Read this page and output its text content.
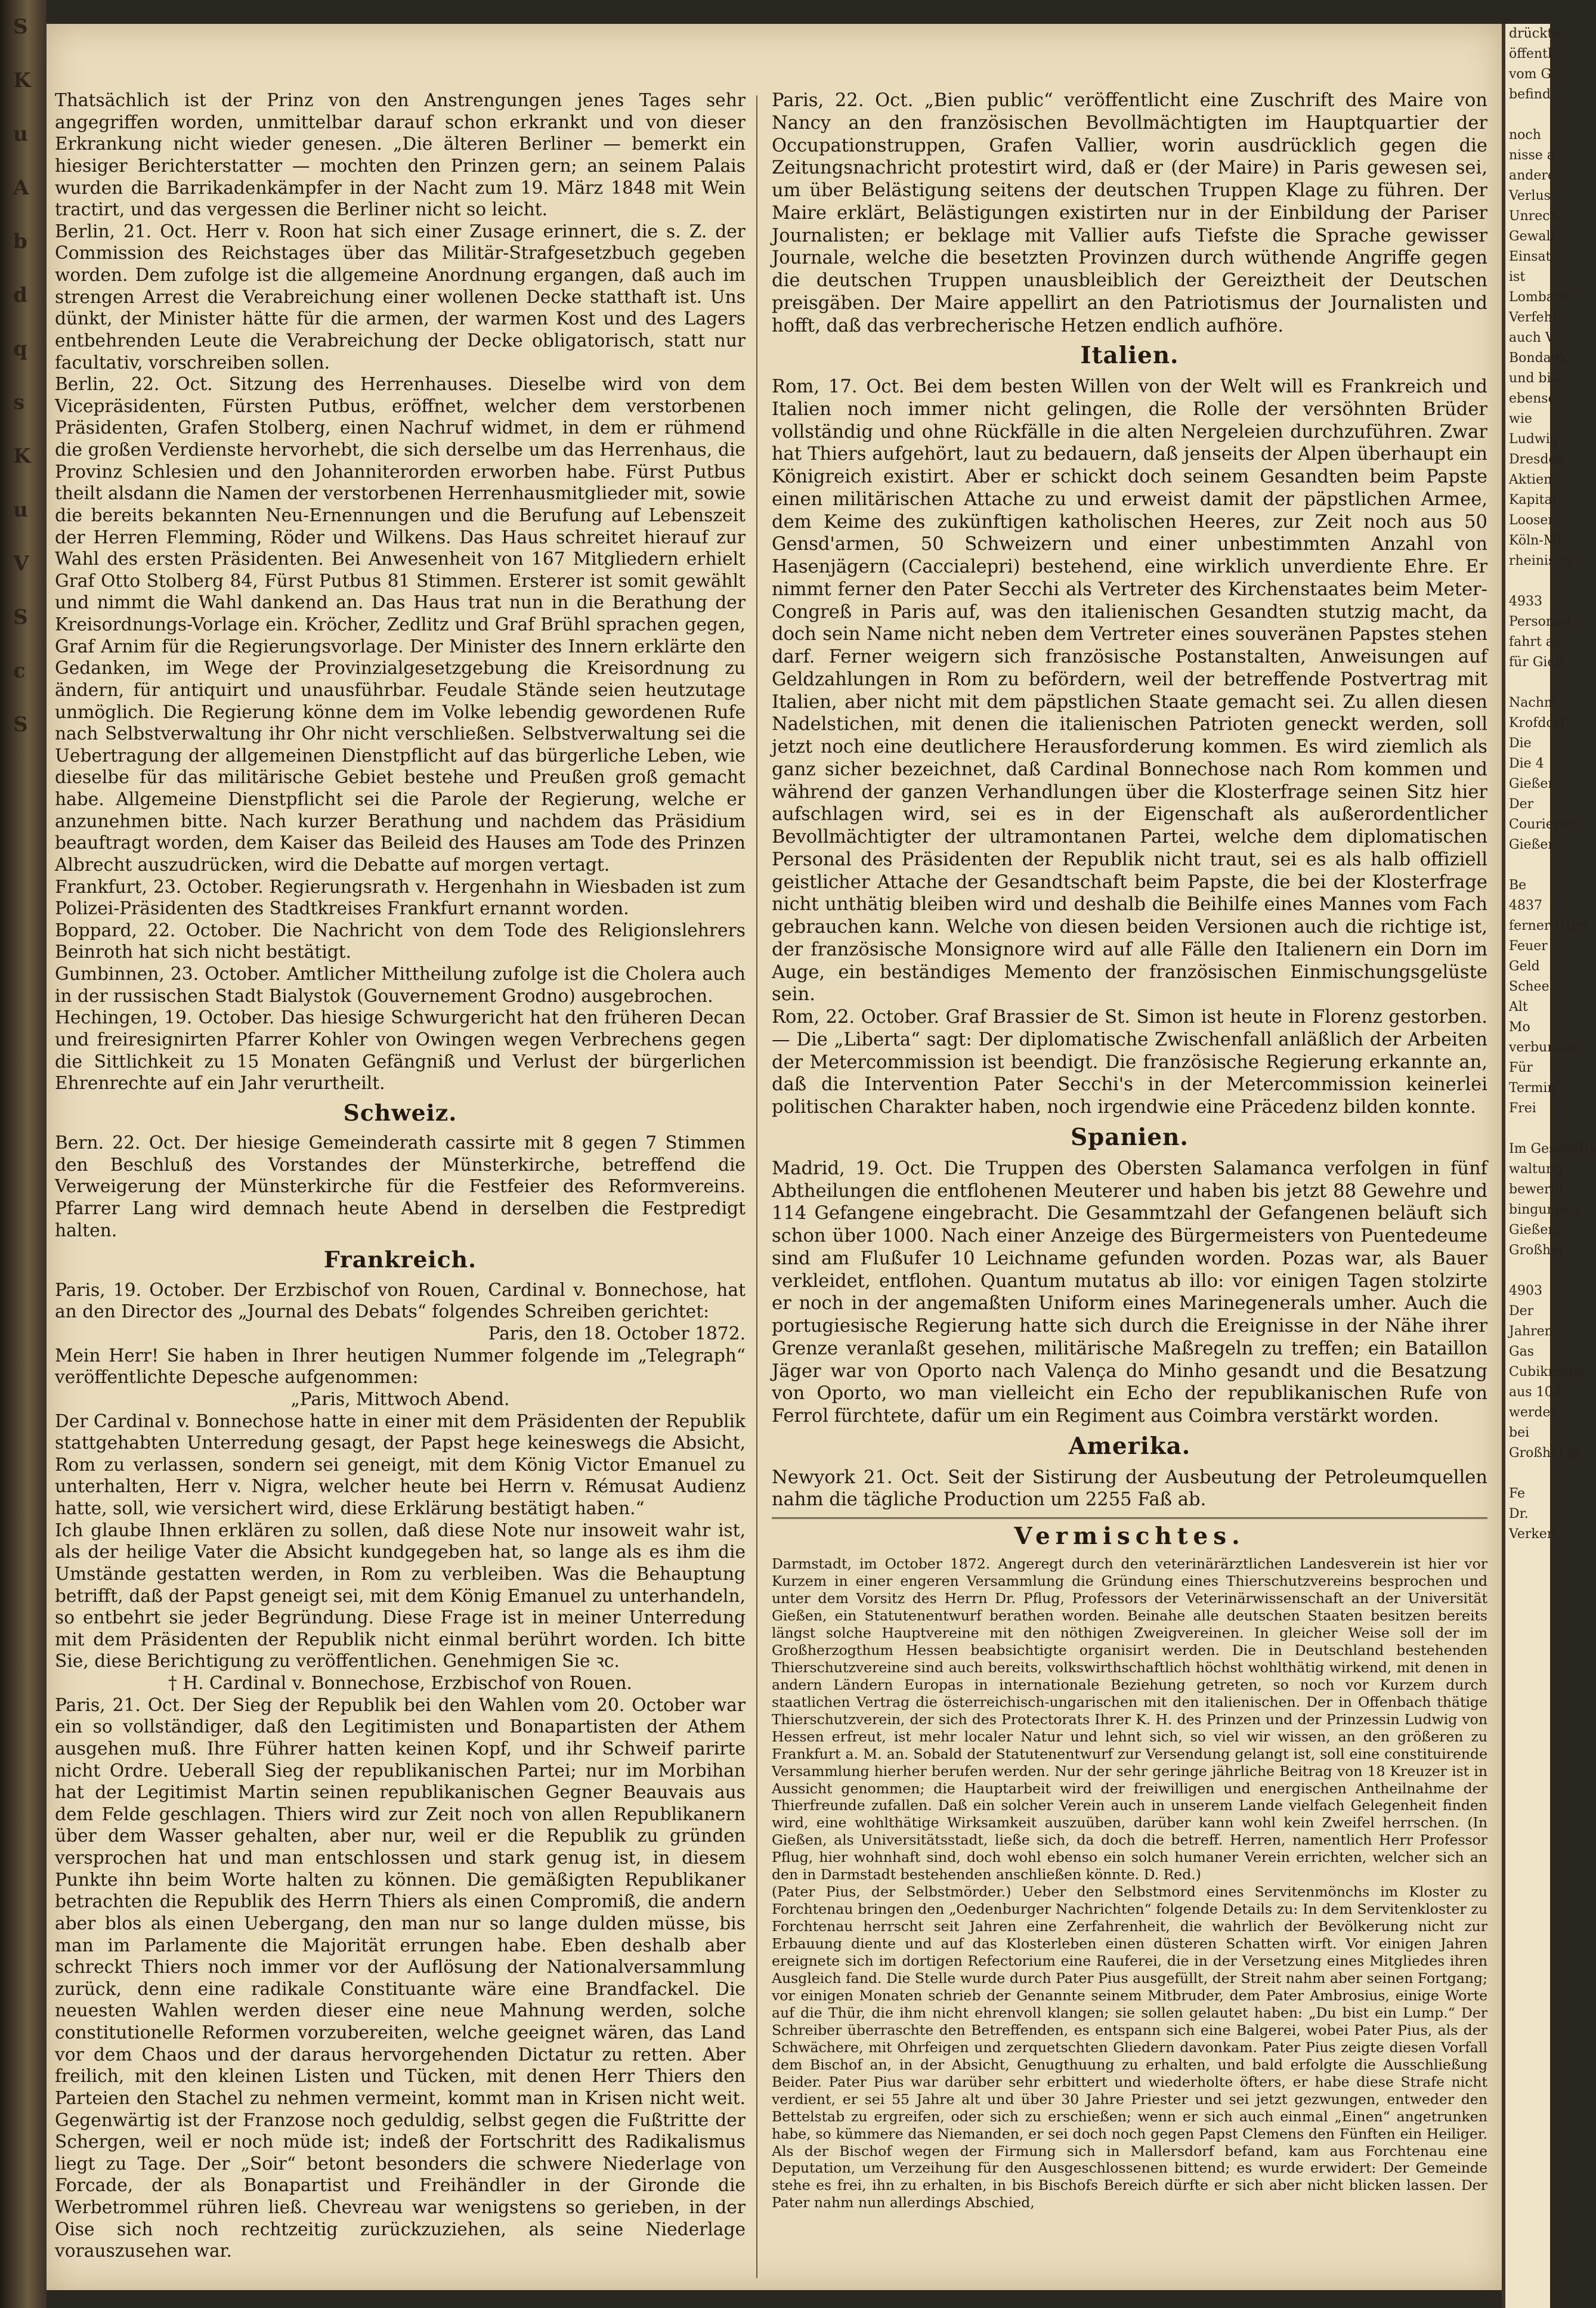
S
K
u
A
b
d
q
s
K
u
V
S
c
S

Thatsächlich ist der Prinz von den Anstrengungen jenes Tages sehr angegriffen worden, unmittelbar darauf schon erkrankt und von dieser Erkrankung nicht wieder genesen. „Die älteren Berliner — bemerkt ein hiesiger Berichterstatter — mochten den Prinzen gern; an seinem Palais wurden die Barrikadenkämpfer in der Nacht zum 19. März 1848 mit Wein tractirt, und das vergessen die Berliner nicht so leicht.

Berlin, 21. Oct. Herr v. Roon hat sich einer Zusage erinnert, die s. Z. der Commission des Reichstages über das Militär-Strafgesetzbuch gegeben worden. Dem zufolge ist die allgemeine Anordnung ergangen, daß auch im strengen Arrest die Verabreichung einer wollenen Decke statthaft ist. Uns dünkt, der Minister hätte für die armen, der warmen Kost und des Lagers entbehrenden Leute die Verabreichung der Decke obligatorisch, statt nur facultativ, vorschreiben sollen.

Berlin, 22. Oct. Sitzung des Herrenhauses. Dieselbe wird von dem Vicepräsidenten, Fürsten Putbus, eröffnet, welcher dem verstorbenen Präsidenten, Grafen Stolberg, einen Nachruf widmet, in dem er rühmend die großen Verdienste hervorhebt, die sich derselbe um das Herrenhaus, die Provinz Schlesien und den Johanniterorden erworben habe. Fürst Putbus theilt alsdann die Namen der verstorbenen Herrenhausmitglieder mit, sowie die bereits bekannten Neu-Ernennungen und die Berufung auf Lebenszeit der Herren Flemming, Röder und Wilkens. Das Haus schreitet hierauf zur Wahl des ersten Präsidenten. Bei Anwesenheit von 167 Mitgliedern erhielt Graf Otto Stolberg 84, Fürst Putbus 81 Stimmen. Ersterer ist somit gewählt und nimmt die Wahl dankend an. Das Haus trat nun in die Berathung der Kreisordnungs-Vorlage ein. Kröcher, Zedlitz und Graf Brühl sprachen gegen, Graf Arnim für die Regierungsvorlage. Der Minister des Innern erklärte den Gedanken, im Wege der Provinzialgesetzgebung die Kreisordnung zu ändern, für antiquirt und unausführbar. Feudale Stände seien heutzutage unmöglich. Die Regierung könne dem im Volke lebendig gewordenen Rufe nach Selbstverwaltung ihr Ohr nicht verschließen. Selbstverwaltung sei die Uebertragung der allgemeinen Dienstpflicht auf das bürgerliche Leben, wie dieselbe für das militärische Gebiet bestehe und Preußen groß gemacht habe. Allgemeine Dienstpflicht sei die Parole der Regierung, welche er anzunehmen bitte. Nach kurzer Berathung und nachdem das Präsidium beauftragt worden, dem Kaiser das Beileid des Hauses am Tode des Prinzen Albrecht auszudrücken, wird die Debatte auf morgen vertagt.

Frankfurt, 23. October. Regierungsrath v. Hergenhahn in Wiesbaden ist zum Polizei-Präsidenten des Stadtkreises Frankfurt ernannt worden.

Boppard, 22. October. Die Nachricht von dem Tode des Religionslehrers Beinroth hat sich nicht bestätigt.

Gumbinnen, 23. October. Amtlicher Mittheilung zufolge ist die Cholera auch in der russischen Stadt Bialystok (Gouvernement Grodno) ausgebrochen.

Hechingen, 19. October. Das hiesige Schwurgericht hat den früheren Decan und freiresignirten Pfarrer Kohler von Owingen wegen Verbrechens gegen die Sittlichkeit zu 15 Monaten Gefängniß und Verlust der bürgerlichen Ehrenrechte auf ein Jahr verurtheilt.

Schweiz.

Bern. 22. Oct. Der hiesige Gemeinderath cassirte mit 8 gegen 7 Stimmen den Beschluß des Vorstandes der Münsterkirche, betreffend die Verweigerung der Münsterkirche für die Festfeier des Reformvereins. Pfarrer Lang wird demnach heute Abend in derselben die Festpredigt halten.

Frankreich.

Paris, 19. October. Der Erzbischof von Rouen, Cardinal v. Bonnechose, hat an den Director des „Journal des Debats“ folgendes Schreiben gerichtet:

Paris, den 18. October 1872.

Mein Herr! Sie haben in Ihrer heutigen Nummer folgende im „Telegraph“ veröffentlichte Depesche aufgenommen:

„Paris, Mittwoch Abend.

Der Cardinal v. Bonnechose hatte in einer mit dem Präsidenten der Republik stattgehabten Unterredung gesagt, der Papst hege keineswegs die Absicht, Rom zu verlassen, sondern sei geneigt, mit dem König Victor Emanuel zu unterhalten, Herr v. Nigra, welcher heute bei Herrn v. Rémusat Audienz hatte, soll, wie versichert wird, diese Erklärung bestätigt haben.“

Ich glaube Ihnen erklären zu sollen, daß diese Note nur insoweit wahr ist, als der heilige Vater die Absicht kundgegeben hat, so lange als es ihm die Umstände gestatten werden, in Rom zu verbleiben. Was die Behauptung betrifft, daß der Papst geneigt sei, mit dem König Emanuel zu unterhandeln, so entbehrt sie jeder Begründung. Diese Frage ist in meiner Unterredung mit dem Präsidenten der Republik nicht einmal berührt worden. Ich bitte Sie, diese Berichtigung zu veröffentlichen. Genehmigen Sie ꝛc.

† H. Cardinal v. Bonnechose, Erzbischof von Rouen.

Paris, 21. Oct. Der Sieg der Republik bei den Wahlen vom 20. October war ein so vollständiger, daß den Legitimisten und Bonapartisten der Athem ausgehen muß. Ihre Führer hatten keinen Kopf, und ihr Schweif parirte nicht Ordre. Ueberall Sieg der republikanischen Partei; nur im Morbihan hat der Legitimist Martin seinen republikanischen Gegner Beauvais aus dem Felde geschlagen. Thiers wird zur Zeit noch von allen Republikanern über dem Wasser gehalten, aber nur, weil er die Republik zu gründen versprochen hat und man entschlossen und stark genug ist, in diesem Punkte ihn beim Worte halten zu können. Die gemäßigten Republikaner betrachten die Republik des Herrn Thiers als einen Compromiß, die andern aber blos als einen Uebergang, den man nur so lange dulden müsse, bis man im Parlamente die Majorität errungen habe. Eben deshalb aber schreckt Thiers noch immer vor der Auflösung der Nationalversammlung zurück, denn eine radikale Constituante wäre eine Brandfackel. Die neuesten Wahlen werden dieser eine neue Mahnung werden, solche constitutionelle Reformen vorzubereiten, welche geeignet wären, das Land vor dem Chaos und der daraus hervorgehenden Dictatur zu retten. Aber freilich, mit den kleinen Listen und Tücken, mit denen Herr Thiers den Parteien den Stachel zu nehmen vermeint, kommt man in Krisen nicht weit. Gegenwärtig ist der Franzose noch geduldig, selbst gegen die Fußtritte der Schergen, weil er noch müde ist; indeß der Fortschritt des Radikalismus liegt zu Tage. Der „Soir“ betont besonders die schwere Niederlage von Forcade, der als Bonapartist und Freihändler in der Gironde die Werbetrommel rühren ließ. Chevreau war wenigstens so gerieben, in der Oise sich noch rechtzeitig zurückzuziehen, als seine Niederlage vorauszusehen war.

Paris, 22. Oct. „Bien public“ veröffentlicht eine Zuschrift des Maire von Nancy an den französischen Bevollmächtigten im Hauptquartier der Occupationstruppen, Grafen Vallier, worin ausdrücklich gegen die Zeitungsnachricht protestirt wird, daß er (der Maire) in Paris gewesen sei, um über Belästigung seitens der deutschen Truppen Klage zu führen. Der Maire erklärt, Belästigungen existirten nur in der Einbildung der Pariser Journalisten; er beklage mit Vallier aufs Tiefste die Sprache gewisser Journale, welche die besetzten Provinzen durch wüthende Angriffe gegen die deutschen Truppen unausbleiblich der Gereiztheit der Deutschen preisgäben. Der Maire appellirt an den Patriotismus der Journalisten und hofft, daß das verbrecherische Hetzen endlich aufhöre.

Italien.

Rom, 17. Oct. Bei dem besten Willen von der Welt will es Frankreich und Italien noch immer nicht gelingen, die Rolle der versöhnten Brüder vollständig und ohne Rückfälle in die alten Nergeleien durchzuführen. Zwar hat Thiers aufgehört, laut zu bedauern, daß jenseits der Alpen überhaupt ein Königreich existirt. Aber er schickt doch seinem Gesandten beim Papste einen militärischen Attache zu und erweist damit der päpstlichen Armee, dem Keime des zukünftigen katholischen Heeres, zur Zeit noch aus 50 Gensd'armen, 50 Schweizern und einer unbestimmten Anzahl von Hasenjägern (Caccialepri) bestehend, eine wirklich unverdiente Ehre. Er nimmt ferner den Pater Secchi als Vertreter des Kirchenstaates beim Meter-Congreß in Paris auf, was den italienischen Gesandten stutzig macht, da doch sein Name nicht neben dem Vertreter eines souveränen Papstes stehen darf. Ferner weigern sich französische Postanstalten, Anweisungen auf Geldzahlungen in Rom zu befördern, weil der betreffende Postvertrag mit Italien, aber nicht mit dem päpstlichen Staate gemacht sei. Zu allen diesen Nadelstichen, mit denen die italienischen Patrioten geneckt werden, soll jetzt noch eine deutlichere Herausforderung kommen. Es wird ziemlich als ganz sicher bezeichnet, daß Cardinal Bonnechose nach Rom kommen und während der ganzen Verhandlungen über die Klosterfrage seinen Sitz hier aufschlagen wird, sei es in der Eigenschaft als außerordentlicher Bevollmächtigter der ultramontanen Partei, welche dem diplomatischen Personal des Präsidenten der Republik nicht traut, sei es als halb offiziell geistlicher Attache der Gesandtschaft beim Papste, die bei der Klosterfrage nicht unthätig bleiben wird und deshalb die Beihilfe eines Mannes vom Fach gebrauchen kann. Welche von diesen beiden Versionen auch die richtige ist, der französische Monsignore wird auf alle Fälle den Italienern ein Dorn im Auge, ein beständiges Memento der französischen Einmischungsgelüste sein.

Rom, 22. October. Graf Brassier de St. Simon ist heute in Florenz gestorben. — Die „Liberta“ sagt: Der diplomatische Zwischenfall anläßlich der Arbeiten der Metercommission ist beendigt. Die französische Regierung erkannte an, daß die Intervention Pater Secchi's in der Metercommission keinerlei politischen Charakter haben, noch irgendwie eine Präcedenz bilden konnte.

Spanien.

Madrid, 19. Oct. Die Truppen des Obersten Salamanca verfolgen in fünf Abtheilungen die entflohenen Meuterer und haben bis jetzt 88 Gewehre und 114 Gefangene eingebracht. Die Gesammtzahl der Gefangenen beläuft sich schon über 1000. Nach einer Anzeige des Bürgermeisters von Puentedeume sind am Flußufer 10 Leichname gefunden worden. Pozas war, als Bauer verkleidet, entflohen. Quantum mutatus ab illo: vor einigen Tagen stolzirte er noch in der angemaßten Uniform eines Marinegenerals umher. Auch die portugiesische Regierung hatte sich durch die Ereignisse in der Nähe ihrer Grenze veranlaßt gesehen, militärische Maßregeln zu treffen; ein Bataillon Jäger war von Oporto nach Valença do Minho gesandt und die Besatzung von Oporto, wo man vielleicht ein Echo der republikanischen Rufe von Ferrol fürchtete, dafür um ein Regiment aus Coimbra verstärkt worden.

Amerika.

Newyork 21. Oct. Seit der Sistirung der Ausbeutung der Petroleumquellen nahm die tägliche Production um 2255 Faß ab.

Vermischtes.

Darmstadt, im October 1872. Angeregt durch den veterinärärztlichen Landesverein ist hier vor Kurzem in einer engeren Versammlung die Gründung eines Thierschutzvereins besprochen und unter dem Vorsitz des Herrn Dr. Pflug, Professors der Veterinärwissenschaft an der Universität Gießen, ein Statutenentwurf berathen worden. Beinahe alle deutschen Staaten besitzen bereits längst solche Hauptvereine mit den nöthigen Zweigvereinen. In gleicher Weise soll der im Großherzogthum Hessen beabsichtigte organisirt werden. Die in Deutschland bestehenden Thierschutzvereine sind auch bereits, volkswirthschaftlich höchst wohlthätig wirkend, mit denen in andern Ländern Europas in internationale Beziehung getreten, so noch vor Kurzem durch staatlichen Vertrag die österreichisch-ungarischen mit den italienischen. Der in Offenbach thätige Thierschutzverein, der sich des Protectorats Ihrer K. H. des Prinzen und der Prinzessin Ludwig von Hessen erfreut, ist mehr localer Natur und lehnt sich, so viel wir wissen, an den größeren zu Frankfurt a. M. an. Sobald der Statutenentwurf zur Versendung gelangt ist, soll eine constituirende Versammlung hierher berufen werden. Nur der sehr geringe jährliche Beitrag von 18 Kreuzer ist in Aussicht genommen; die Hauptarbeit wird der freiwilligen und energischen Antheilnahme der Thierfreunde zufallen. Daß ein solcher Verein auch in unserem Lande vielfach Gelegenheit finden wird, eine wohlthätige Wirksamkeit auszuüben, darüber kann wohl kein Zweifel herrschen. (In Gießen, als Universitätsstadt, ließe sich, da doch die betreff. Herren, namentlich Herr Professor Pflug, hier wohnhaft sind, doch wohl ebenso ein solch humaner Verein errichten, welcher sich an den in Darmstadt bestehenden anschließen könnte. D. Red.)

(Pater Pius, der Selbstmörder.) Ueber den Selbstmord eines Servitenmönchs im Kloster zu Forchtenau bringen den „Oedenburger Nachrichten“ folgende Details zu: In dem Servitenkloster zu Forchtenau herrscht seit Jahren eine Zerfahrenheit, die wahrlich der Bevölkerung nicht zur Erbauung diente und auf das Klosterleben einen düsteren Schatten wirft. Vor einigen Jahren ereignete sich im dortigen Refectorium eine Rauferei, die in der Versetzung eines Mitgliedes ihren Ausgleich fand. Die Stelle wurde durch Pater Pius ausgefüllt, der Streit nahm aber seinen Fortgang; vor einigen Monaten schrieb der Genannte seinem Mitbruder, dem Pater Ambrosius, einige Worte auf die Thür, die ihm nicht ehrenvoll klangen; sie sollen gelautet haben: „Du bist ein Lump.“ Der Schreiber überraschte den Betreffenden, es entspann sich eine Balgerei, wobei Pater Pius, als der Schwächere, mit Ohrfeigen und zerquetschten Gliedern davonkam. Pater Pius zeigte diesen Vorfall dem Bischof an, in der Absicht, Genugthuung zu erhalten, und bald erfolgte die Ausschließung Beider. Pater Pius war darüber sehr erbittert und wiederholte öfters, er habe diese Strafe nicht verdient, er sei 55 Jahre alt und über 30 Jahre Priester und sei jetzt gezwungen, entweder den Bettelstab zu ergreifen, oder sich zu erschießen; wenn er sich auch einmal „Einen“ angetrunken habe, so kümmere das Niemanden, er sei doch noch gegen Papst Clemens den Fünften ein Heiliger. Als der Bischof wegen der Firmung sich in Mallersdorf befand, kam aus Forchtenau eine Deputation, um Verzeihung für den Ausgeschlossenen bittend; es wurde erwidert: Der Gemeinde stehe es frei, ihn zu erhalten, in bis Bischofs Bereich dürfte er sich aber nicht blicken lassen. Der Pater nahm nun allerdings Abschied,

drückte

öffentl

vom G

befind

noch

nisse a

andere

Verlus

Unrech

Gewalt

Einsat

ist

Lombard

Verfehl

auch V

Bondank

und bis

ebenso

wie

Ludwig

Dresden

Aktien

Kapital

Loosen

Köln-Mi

rheinisch

4933

Personen

fahrt au

für Gieß

Nachm.

Krofdorf

Die

Die 4

Gießen

Der

Courieren

Gießen

Be

4837

ferner-Uten

Feuer

Geld

Schee

Alt

Mo

verbunden

Für

Termin

Frei

Im Geschäfts

waltung

bewerbt

bingungen

Gießen,

Großher

4903

Der

Jahren,

Gas

Cubikmeter

aus 100

werden

bei

Großherzo

Fe

Dr.

Verken
